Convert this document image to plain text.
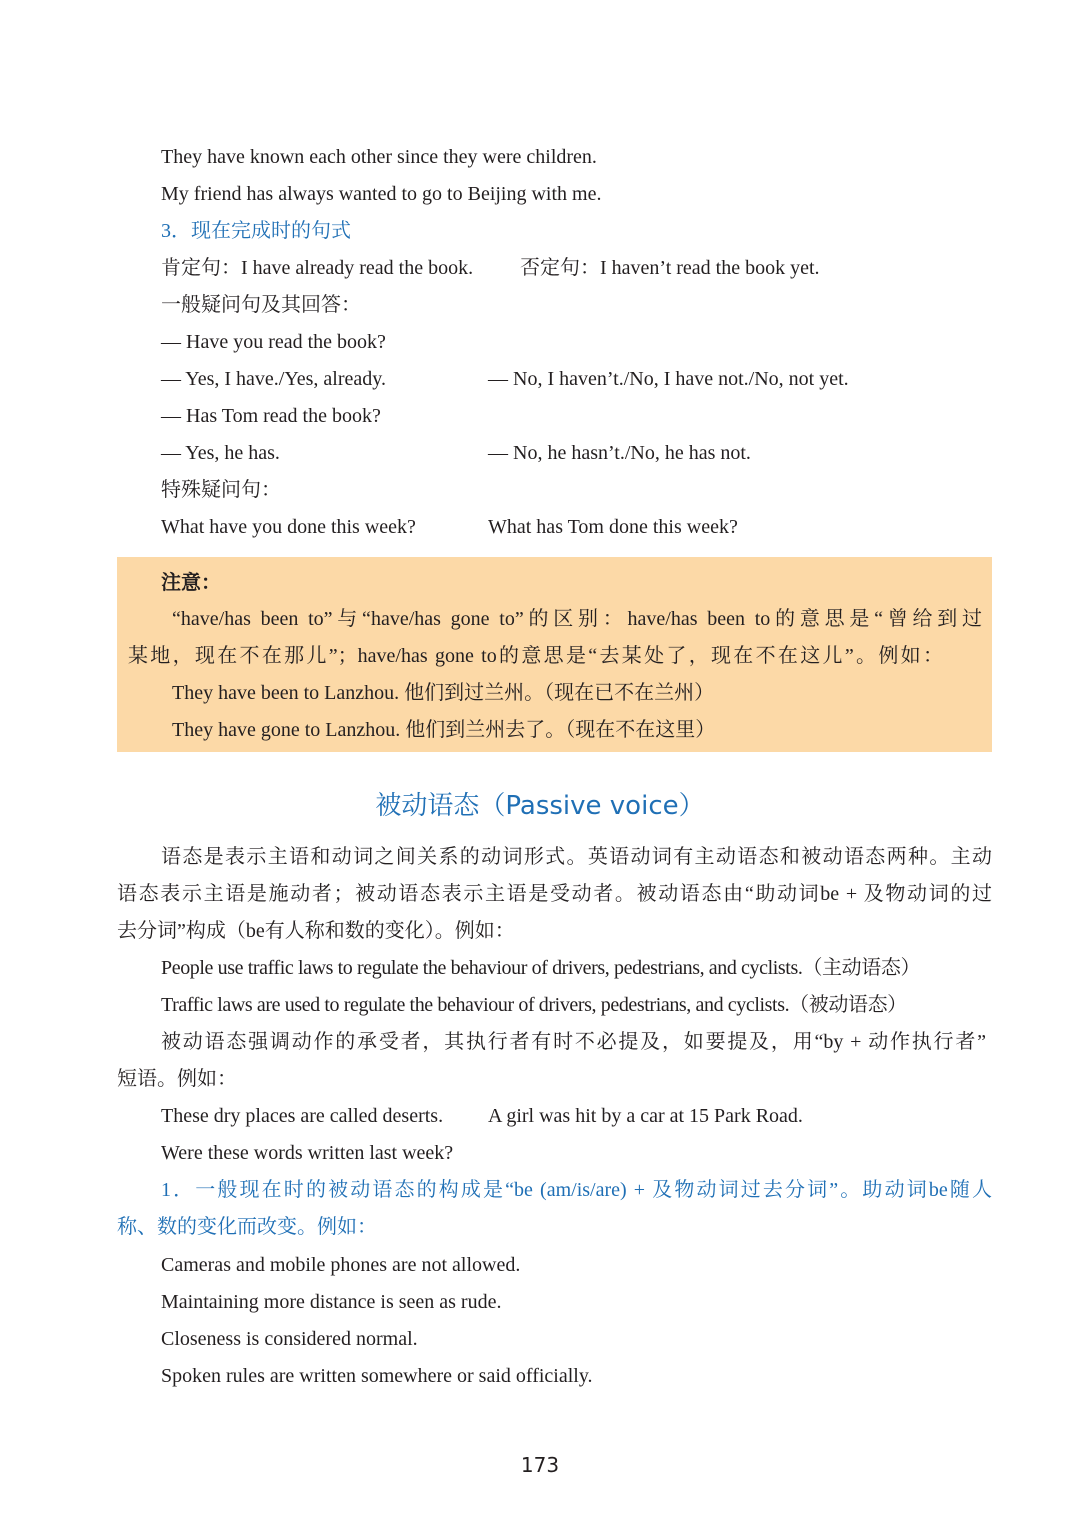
They have known each other since they were children.
My friend has always wanted to go to Beijing with me.
3．现在完成时的句式
肯定句：I have already read the book. 否定句：I haven’t read the book yet.
一般疑问句及其回答：
— Have you read the book?
— Yes, I have./Yes, already.	— No, I haven’t./No, I have not./No, not yet.
— Has Tom read the book?
— Yes, he has.	— No, he hasn’t./No, he has not.
特殊疑问句：
What have you done this week?	What has Tom done this week?
注意：
“have/has been to”与“have/has gone to”的区别：have/has been to的意思是“曾给到过
某地，现在不在那儿”；have/has gone to的意思是“去某处了，现在不在这儿”。例如：
They have been to Lanzhou. 他们到过兰州。（现在已不在兰州）
They have gone to Lanzhou. 他们到兰州去了。（现在不在这里）
被动语态（Passive voice）
语态是表示主语和动词之间关系的动词形式。英语动词有主动语态和被动语态两种。主动
语态表示主语是施动者；被动语态表示主语是受动者。被动语态由“助动词be + 及物动词的过
去分词”构成（be有人称和数的变化）。例如：
People use traffic laws to regulate the behaviour of drivers, pedestrians, and cyclists.（主动语态）
Traffic laws are used to regulate the behaviour of drivers, pedestrians, and cyclists.（被动语态）
被动语态强调动作的承受者，其执行者有时不必提及，如要提及，用“by + 动作执行者”
短语。例如：
These dry places are called deserts. A girl was hit by a car at 15 Park Road.
Were these words written last week?
1．一般现在时的被动语态的构成是“be (am/is/are) + 及物动词过去分词”。助动词be随人
称、数的变化而改变。例如：
Cameras and mobile phones are not allowed.
Maintaining more distance is seen as rude.
Closeness is considered normal.
Spoken rules are written somewhere or said officially.
173
